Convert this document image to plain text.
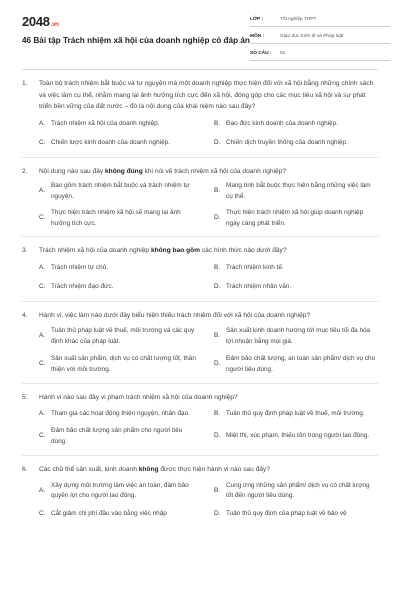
2048.vn
46 Bài tập Trách nhiệm xã hội của doanh nghiệp có đáp án
LỚP :	Tốt nghiệp THPT
MÔN :	Giáo dục Kinh tế và Pháp luật
SỐ CÂU :	51
1.	Toàn bộ trách nhiệm bắt buộc và tự nguyện mà một doanh nghiệp thực hiện đối với xã hội bằng những chính sách và việc làm cụ thể, nhằm mang lại ảnh hưởng tích cực đến xã hội, đóng góp cho các mục tiêu xã hội và sự phát triển bền vững của đất nước – đó là nội dung của khái niệm nào sau đây?
A. Trách nhiệm xã hội của doanh nghiệp.	B. Đạo đức kinh doanh của doanh nghiệp.
C. Chiến lược kinh doanh của doanh nghiệp.	D. Chiến dịch truyền thông của doanh nghiệp.
2.	Nội dung nào sau đây không đúng khi nói về trách nhiệm xã hội của doanh nghiệp?
A.
Bao gồm trách nhiệm bắt buộc và trách nhiệm tự nguyện.
B.
Mang tính bắt buộc thực hiện bằng những việc làm cụ thể.
C.
Thực hiện trách nhiệm xã hội sẽ mang lại ảnh hưởng tích cực.
D.
Thực hiện trách nhiệm xã hội giúp doanh nghiệp ngày càng phát triển.
3.	Trách nhiệm xã hội của doanh nghiệp không bao gồm các hình thức nào dưới đây?
A. Trách nhiệm tự chủ.	B. Trách nhiệm kinh tế.
C. Trách nhiệm đạo đức.	D. Trách nhiệm nhân văn.
4.	Hành vi, việc làm nào dưới đây biểu hiện thiếu trách nhiệm đối với xã hội của doanh nghiệp?
A.
Tuân thủ pháp luật về thuế, môi trường và các quy định khác của pháp luật.
B.
Sản xuất kinh doanh hướng tới mục tiêu tối đa hóa lợi nhuận bằng mọi giá.
C.
Sản xuất sản phẩm, dịch vụ có chất lượng tốt, thân thiện với môi trường.
D.
Đảm bảo chất lượng, an toàn sản phẩm/ dịch vụ cho người tiêu dùng.
5.	Hành vi nào sau đây vi phạm trách nhiệm xã hội của doanh nghiệp?
A. Tham gia các hoạt động thiện nguyện, nhân đạo.	B. Tuân thủ quy định pháp luật về thuế, môi trường.
C.
Đảm bảo chất lượng sản phẩm cho người tiêu dùng.
D. Miệt thị, xúc phạm, thiếu tôn trọng người lao động.
6.	Các chủ thể sản xuất, kinh doanh không được thực hiện hành vi nào sau đây?
A.
Xây dựng môi trường làm việc an toàn, đảm bảo quyền lợi cho người lao động.
B.
Cung ứng những sản phẩm/ dịch vụ có chất lượng tốt đến người tiêu dùng.
C. Cắt giảm chi phí đầu vào bằng việc nhập	D. Tuân thủ quy định của pháp luật về bảo vệ
